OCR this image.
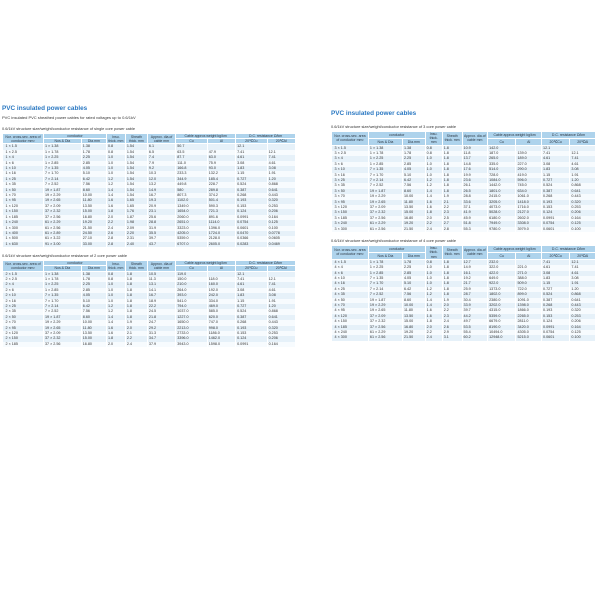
PVC insulated power cables
PVC insulated PVC sheathed power cables for rated voltages up to 0.6/1kV
0.6/1kV structure size/weight/conductor resistance of single core power cable
Nor. cross-sec. area of conductor mm²	conductor		Insu. thick. mm	Sheath thick. mm	Approx. dia.of cable mm	Cable approx.weight kg/km		D.C. resistance Ω/km	
	Nos & Dia	Dia.mm				Cu	Al	20℃Cu	20℃Al
1 × 1.5	1 × 1.38	1.38	0.8	1.54	6.1	50.7		12.1	
1 × 2.5	1 × 1.78	1.78	0.8	1.54	6.5	63.5	47.9	7.41	12.1
1 × 4	1 × 2.25	2.25	1.0	1.54	7.4	87.7	63.0	4.61	7.41
1 × 6	1 × 2.85	2.85	1.0	1.54	7.9	111.0	75.9	3.08	4.61
1 × 10	7 × 1.35	4.05	1.0	1.54	9.2	166.8	93.0	1.83	3.08
1 × 16	7 × 1.70	5.10	1.0	1.54	10.3	233.3	132.2	1.15	1.91
1 × 25	7 × 2.14	6.42	1.2	1.54	12.0	344.9	185.4	0.727	1.20
1 × 35	7 × 2.52	7.56	1.2	1.54	13.2	449.8	228.7	0.524	0.868
1 × 50	19 × 1.87	8.60	1.4	1.54	14.9	580	289.8	0.387	0.641
1 × 70	19 × 2.29	10.00	1.4	1.54	16.7	807.3	374.2	0.268	0.443
1 × 95	19 × 2.65	11.80	1.6	1.65	19.3	1102.0	501.4	0.193	0.320
1 × 120	37 × 2.09	13.50	1.6	1.65	20.9	1349.0	590.3	0.153	0.253
1 × 150	37 × 2.32	15.00	1.8	1.76	23.1	1654.0	721.3	0.124	0.206
1 × 185	37 × 2.56	16.80	2.0	1.87	25.6	2060.0	891.6	0.0991	0.164
1 × 240	61 × 2.29	19.20	2.2	1.98	28.8	2651.0	1114.0	0.0754	0.125
1 × 300	61 × 2.56	21.50	2.4	2.09	31.9	3323.0	1396.0	0.0601	0.100
1 × 400	61 × 2.89	24.50	2.6	2.20	35.5	4205.0	1724.0	0.0470	0.0778
1 × 500	61 × 3.22	27.10	2.8	2.31	39.7	5359.0	2128.0	0.0366	0.0605
1 × 630	91 × 3.00	33.00	2.8	2.40	43.7	6707.0	2605.0	0.0283	0.0469
0.6/1kV structure size/weight/conductor resistance of 2 core power cable
Nor. cross-sec. area of conductor mm²	conductor		Insu. thick. mm	Sheath thick. mm	Approx. dia.of cable mm	Cable approx.weight kg/km		D.C. resistance Ω/km	
	Nos & Dia	Dia.mm				Cu	Al	20℃Cu	20℃Al
2 × 1.5	1 × 1.38	1.38	0.8	1.8	10.5	119.0		12.1	
2 × 2.5	1 × 1.78	1.78	0.8	1.8	11.3	150.0	118.0	7.41	12.1
2 × 4	1 × 2.25	2.25	1.0	1.8	13.1	210.0	160.0	4.61	7.41
2 × 6	1 × 2.85	2.85	1.0	1.8	14.1	264.0	192.0	3.08	4.61
2 × 10	7 × 1.35	4.05	1.0	1.8	16.7	393.0	242.0	1.83	3.08
2 × 16	7 × 1.70	5.10	1.0	1.8	18.9	541.0	334.0	1.15	1.91
2 × 25	7 × 2.14	6.42	1.2	1.8	22.2	794.0	469.0	0.727	1.20
2 × 35	7 × 2.52	7.56	1.2	1.8	24.5	1037.0	585.0	0.524	0.868
2 × 50	19 × 1.87	8.60	1.4	1.8	21.8	1227.0	620.0	0.387	0.641
2 × 70	19 × 2.29	10.00	1.4	1.9	24.7	1650.0	747.0	0.268	0.443
2 × 95	19 × 2.65	11.80	1.6	2.0	29.2	2213.0	998.0	0.193	0.320
2 × 120	37 × 2.09	13.50	1.6	2.1	31.3	2733.0	1186.0	0.153	0.253
2 × 150	37 × 2.32	15.00	1.8	2.2	34.7	3396.0	1462.0	0.124	0.206
2 × 185	37 × 2.56	16.80	2.0	2.4	37.9	3943.0	1598.0	0.0991	0.164
PVC insulated power cables
0.6/1kV structure size/weight/conductor resistance of 3 core power cable
Nor. cross-sec. area of conductor mm²	conductor		Insu. thick. mm	Sheath thick. mm	Approx. dia.of cable mm	Cable approx.weight kg/km		D.C. resistance Ω/km	
	Nos & Dia	Dia.mm				Cu	Al	20℃Cu	20℃Al
3 × 1.5	1 × 1.38	1.38	0.8	1.8	10.9	142.0		12.1	
3 × 2.5	1 × 1.78	1.78	0.8	1.8	11.8	187.0	139.0	7.41	12.1
3 × 4	1 × 2.25	2.25	1.0	1.8	13.7	265.0	189.0	4.61	7.41
3 × 6	1 × 2.85	2.85	1.0	1.8	14.8	335.0	227.0	3.08	4.61
3 × 10	7 × 1.35	4.05	1.0	1.8	17.6	514.0	290.0	1.83	3.08
3 × 16	7 × 1.70	5.10	1.0	1.8	19.9	728.0	419.0	1.15	1.91
3 × 25	7 × 2.14	6.42	1.2	1.8	23.6	1084.0	596.0	0.727	1.20
3 × 35	7 × 2.52	7.56	1.2	1.8	26.1	1442.0	745.0	0.524	0.868
3 × 50	19 × 1.87	8.60	1.4	1.8	26.5	1801.0	634.0	0.387	0.641
3 × 70	19 × 2.29	10.00	1.4	1.9	28.8	2415.0	1061.0	0.268	0.443
3 × 95	19 × 2.65	11.80	1.6	2.1	33.6	3205.0	1418.0	0.193	0.320
3 × 120	37 × 2.09	13.50	1.6	2.2	37.1	4073.0	1716.0	0.153	0.253
3 × 150	37 × 2.32	15.00	1.8	2.3	41.9	5028.0	2127.0	0.124	0.206
3 × 185	37 × 2.56	16.80	2.0	2.5	45.9	6180.0	2602.0	0.0991	0.164
3 × 240	61 × 2.29	19.20	2.2	2.7	51.8	7949.0	3308.0	0.0754	0.125
3 × 300	61 × 2.56	21.50	2.4	2.8	55.3	9780.0	3979.0	0.0601	0.100
0.6/1kV structure size/weight/conductor resistance of 4 core power cable
Nor. cross-sec. area of conductor mm²	conductor		Insu. thick. mm	Sheath thick. mm	Approx. dia.of cable mm	Cable approx.weight kg/km		D.C. resistance Ω/km	
	Nos & Dia	Dia.mm				Cu	Al	20℃Cu	20℃Al
4 × 1.5	1 × 1.78	1.78	0.8	1.8	12.7	232.0		7.41	12.1
4 × 4	1 × 2.25	2.25	1.0	1.8	14.9	322.0	221.0	4.61	7.41
4 × 6	1 × 2.85	2.85	1.0	1.8	16.1	422.0	271.0	3.08	4.61
4 × 10	7 × 1.35	4.05	1.0	1.8	19.2	649.0	388.0	1.83	3.08
4 × 16	7 × 1.70	5.10	1.0	1.8	21.7	922.0	509.0	1.15	1.91
4 × 25	7 × 2.14	6.42	1.2	1.8	25.9	1373.0	722.0	0.727	1.20
4 × 35	7 × 2.52	7.56	1.2	1.8	28.7	1802.0	899.0	0.524	0.868
4 × 50	19 × 1.87	8.60	1.4	1.9	30.4	2380.0	1091.0	0.387	0.641
4 × 70	19 × 2.29	10.00	1.4	2.0	33.9	3202.0	1398.0	0.268	0.443
4 × 95	19 × 2.65	11.80	1.6	2.2	39.7	4315.0	1866.0	0.193	0.320
4 × 120	37 × 2.09	13.50	1.6	2.3	44.2	5359.0	2265.0	0.153	0.253
4 × 150	37 × 2.32	15.00	1.8	2.4	49.7	6679.0	2811.0	0.124	0.206
4 × 185	37 × 2.56	16.80	2.0	2.6	53.5	8190.0	3420.0	0.0991	0.164
4 × 240	61 × 2.29	19.20	2.2	2.9	55.4	10494.0	4305.0	0.0754	0.125
4 × 300	61 × 2.56	21.50	2.4	3.1	60.2	12948.0	5215.0	0.0601	0.100
